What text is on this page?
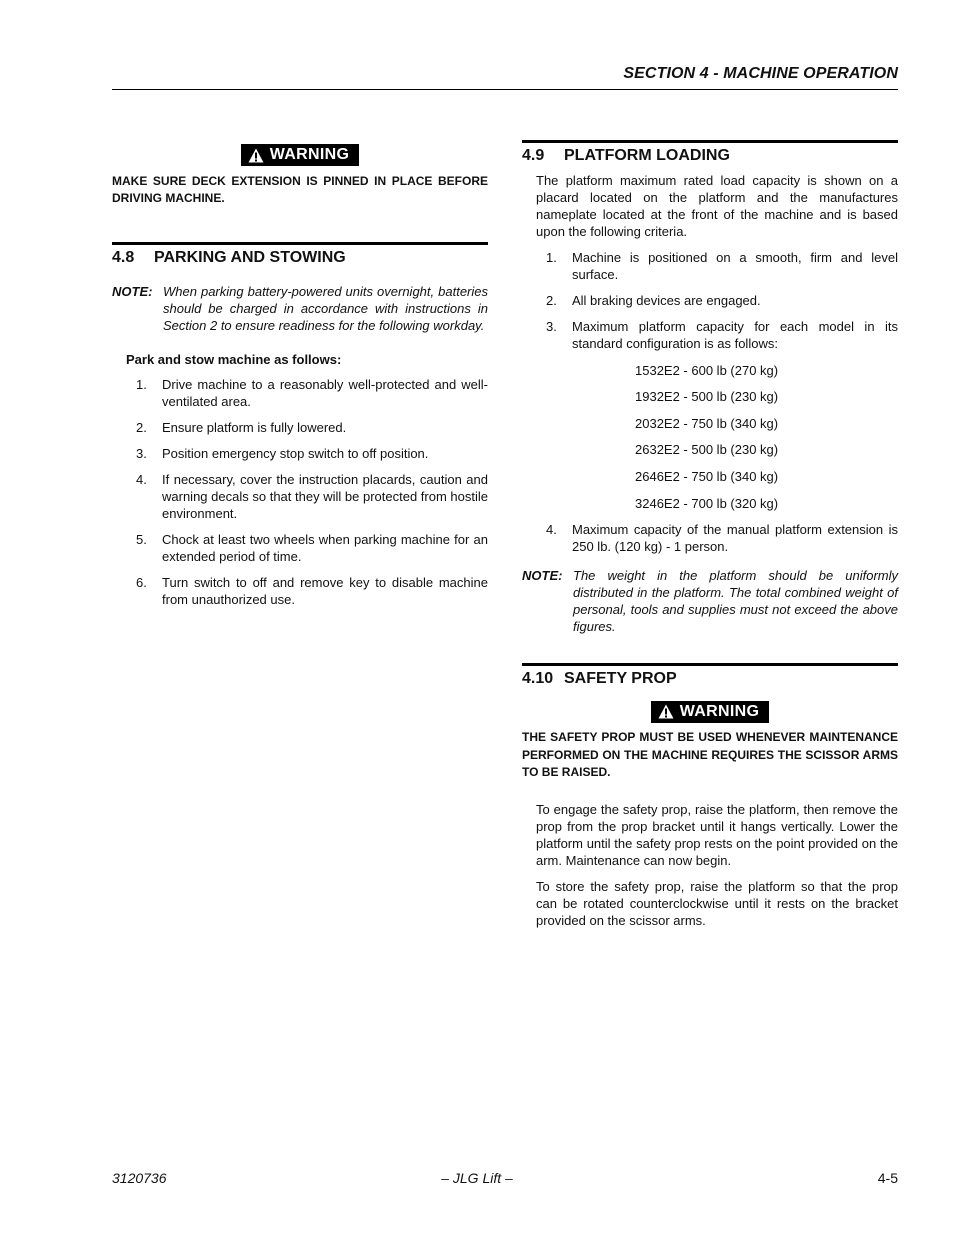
SECTION 4 - MACHINE OPERATION
WARNING
MAKE SURE DECK EXTENSION IS PINNED IN PLACE BEFORE DRIVING MACHINE.
4.8 PARKING AND STOWING
NOTE: When parking battery-powered units overnight, batteries should be charged in accordance with instructions in Section 2 to ensure readiness for the following workday.
Park and stow machine as follows:
1.	Drive machine to a reasonably well-protected and well-ventilated area.
2.	Ensure platform is fully lowered.
3.	Position emergency stop switch to off position.
4.	If necessary, cover the instruction placards, caution and warning decals so that they will be protected from hostile environment.
5.	Chock at least two wheels when parking machine for an extended period of time.
6.	Turn switch to off and remove key to disable machine from unauthorized use.
4.9 PLATFORM LOADING
The platform maximum rated load capacity is shown on a placard located on the platform and the manufactures nameplate located at the front of the machine and is based upon the following criteria.
1.	Machine is positioned on a smooth, firm and level surface.
2.	All braking devices are engaged.
3.	Maximum platform capacity for each model in its standard configuration is as follows:
1532E2 - 600 lb (270 kg)
1932E2 - 500 lb (230 kg)
2032E2 - 750 lb (340 kg)
2632E2 - 500 lb (230 kg)
2646E2 - 750 lb (340 kg)
3246E2 - 700 lb (320 kg)
4.	Maximum capacity of the manual platform extension is 250 lb. (120 kg) - 1 person.
NOTE: The weight in the platform should be uniformly distributed in the platform. The total combined weight of personal, tools and supplies must not exceed the above figures.
4.10 SAFETY PROP
WARNING
THE SAFETY PROP MUST BE USED WHENEVER MAINTENANCE PERFORMED ON THE MACHINE REQUIRES THE SCISSOR ARMS TO BE RAISED.
To engage the safety prop, raise the platform, then remove the prop from the prop bracket until it hangs vertically. Lower the platform until the safety prop rests on the point provided on the arm. Maintenance can now begin.
To store the safety prop, raise the platform so that the prop can be rotated counterclockwise until it rests on the bracket provided on the scissor arms.
3120736	– JLG Lift –	4-5
